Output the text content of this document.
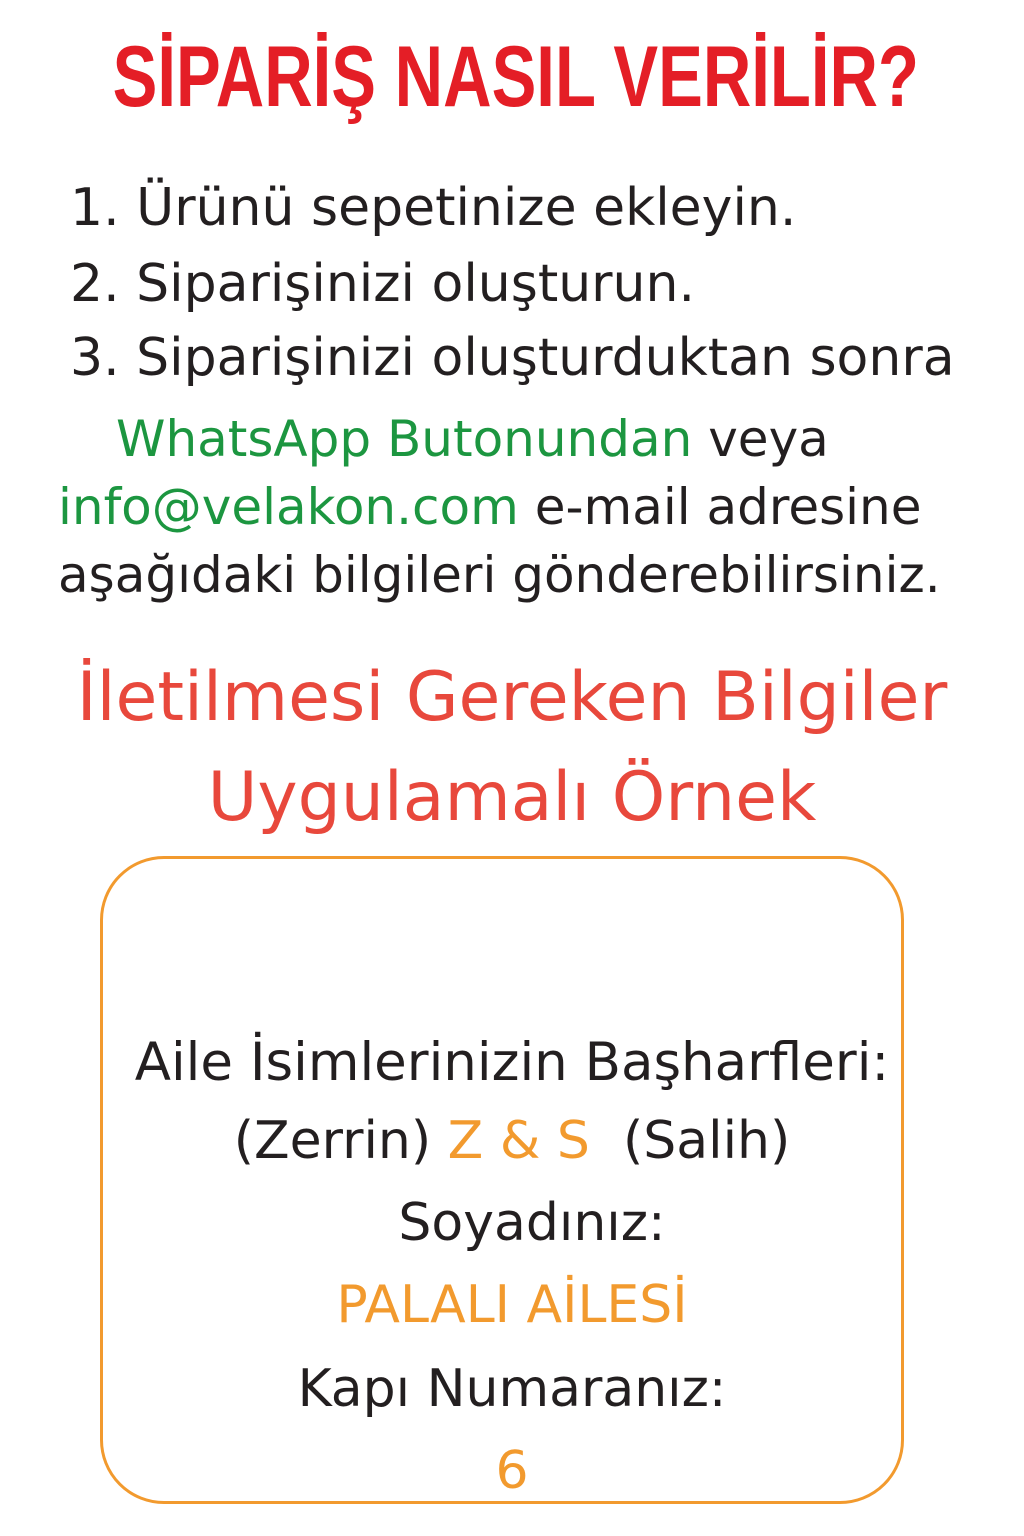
SİPARİŞ NASIL VERİLİR?
1. Ürünü sepetinize ekleyin.
2. Siparişinizi oluşturun.
3. Siparişinizi oluşturduktan sonra
WhatsApp Butonundan veya
info@velakon.com e-mail adresine
aşağıdaki bilgileri gönderebilirsiniz.
İletilmesi Gereken Bilgiler
Uygulamalı Örnek
Aile İsimlerinizin Başharfleri:
(Zerrin) Z & S  (Salih)
Soyadınız:
PALALI AİLESİ
Kapı Numaranız:
6
